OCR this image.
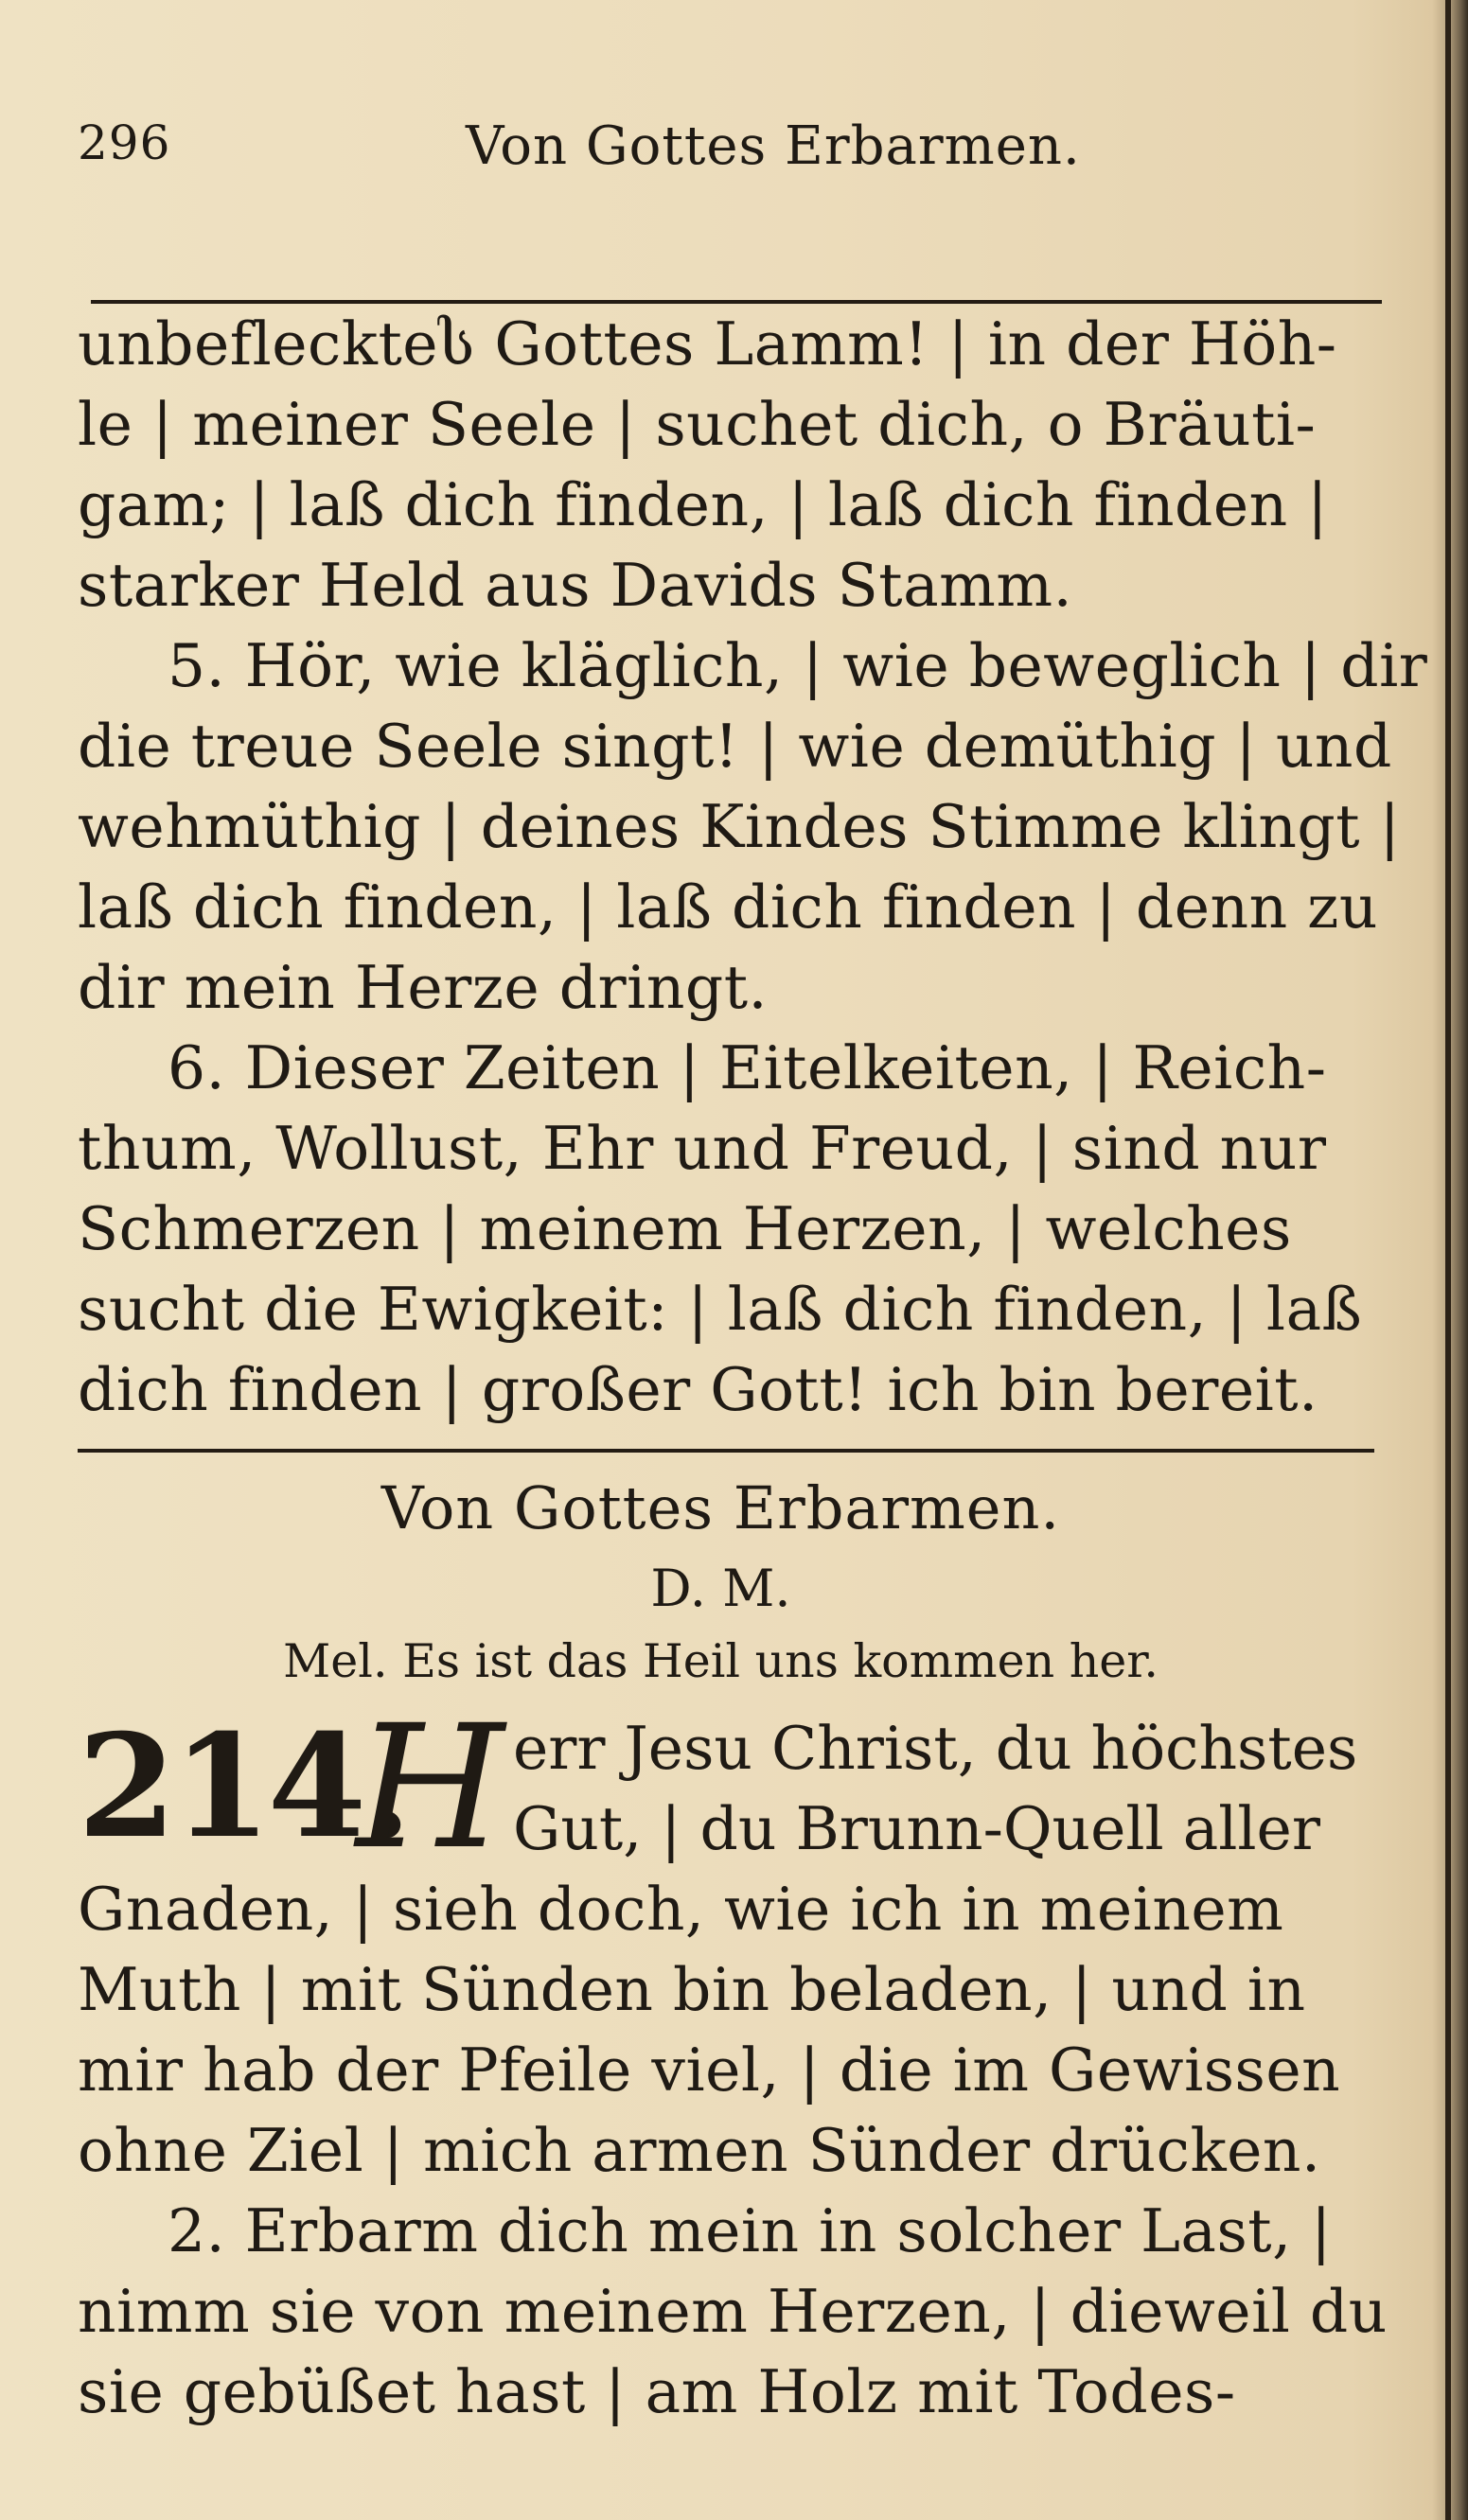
296	Von Gottes Erbarmen.
unbefleckteს Gottes Lamm! | in der Höh-
le | meiner Seele | suchet dich, o Bräuti-
gam; | laß dich finden, | laß dich finden |
starker Held aus Davids Stamm.
5. Hör, wie kläglich, | wie beweglich | dir
die treue Seele singt! | wie demüthig | und
wehmüthig | deines Kindes Stimme klingt |
laß dich finden, | laß dich finden | denn zu
dir mein Herze dringt.
6. Dieser Zeiten | Eitelkeiten, | Reich-
thum, Wollust, Ehr und Freud, | sind nur
Schmerzen | meinem Herzen, | welches
sucht die Ewigkeit: | laß dich finden, | laß
dich finden | großer Gott! ich bin bereit.
Von Gottes Erbarmen.
D. M.
Mel. Es ist das Heil uns kommen her.
214.
H err Jesu Christ, du höchstes
Gut, | du Brunn-Quell aller
Gnaden, | sieh doch, wie ich in meinem
Muth | mit Sünden bin beladen, | und in
mir hab der Pfeile viel, | die im Gewissen
ohne Ziel | mich armen Sünder drücken.
2. Erbarm dich mein in solcher Last, |
nimm sie von meinem Herzen, | dieweil du
sie gebüßet hast | am Holz mit Todes-
